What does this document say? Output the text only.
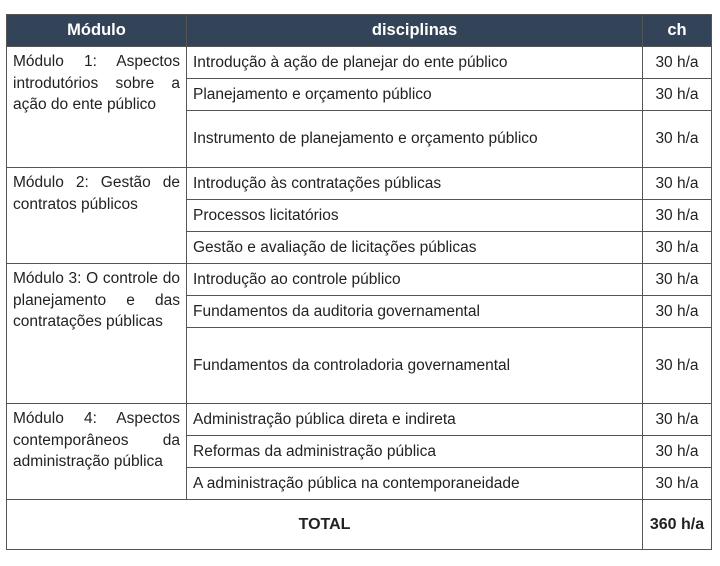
Módulo	disciplinas	ch
Módulo 1: Aspectos introdutórios sobre a ação do ente público	Introdução à ação de planejar do ente público	30 h/a
	Planejamento e orçamento público	30 h/a
	Instrumento de planejamento e orçamento público	30 h/a
Módulo 2: Gestão de contratos públicos	Introdução às contratações públicas	30 h/a
	Processos licitatórios	30 h/a
	Gestão e avaliação de licitações públicas	30 h/a
Módulo 3: O controle do planejamento e das contratações públicas	Introdução ao controle público	30 h/a
	Fundamentos da auditoria governamental	30 h/a
	Fundamentos da controladoria governamental	30 h/a
Módulo 4: Aspectos contemporâneos da administração pública	Administração pública direta e indireta	30 h/a
	Reformas da administração pública	30 h/a
	A administração pública na contemporaneidade	30 h/a
TOTAL		360 h/a
